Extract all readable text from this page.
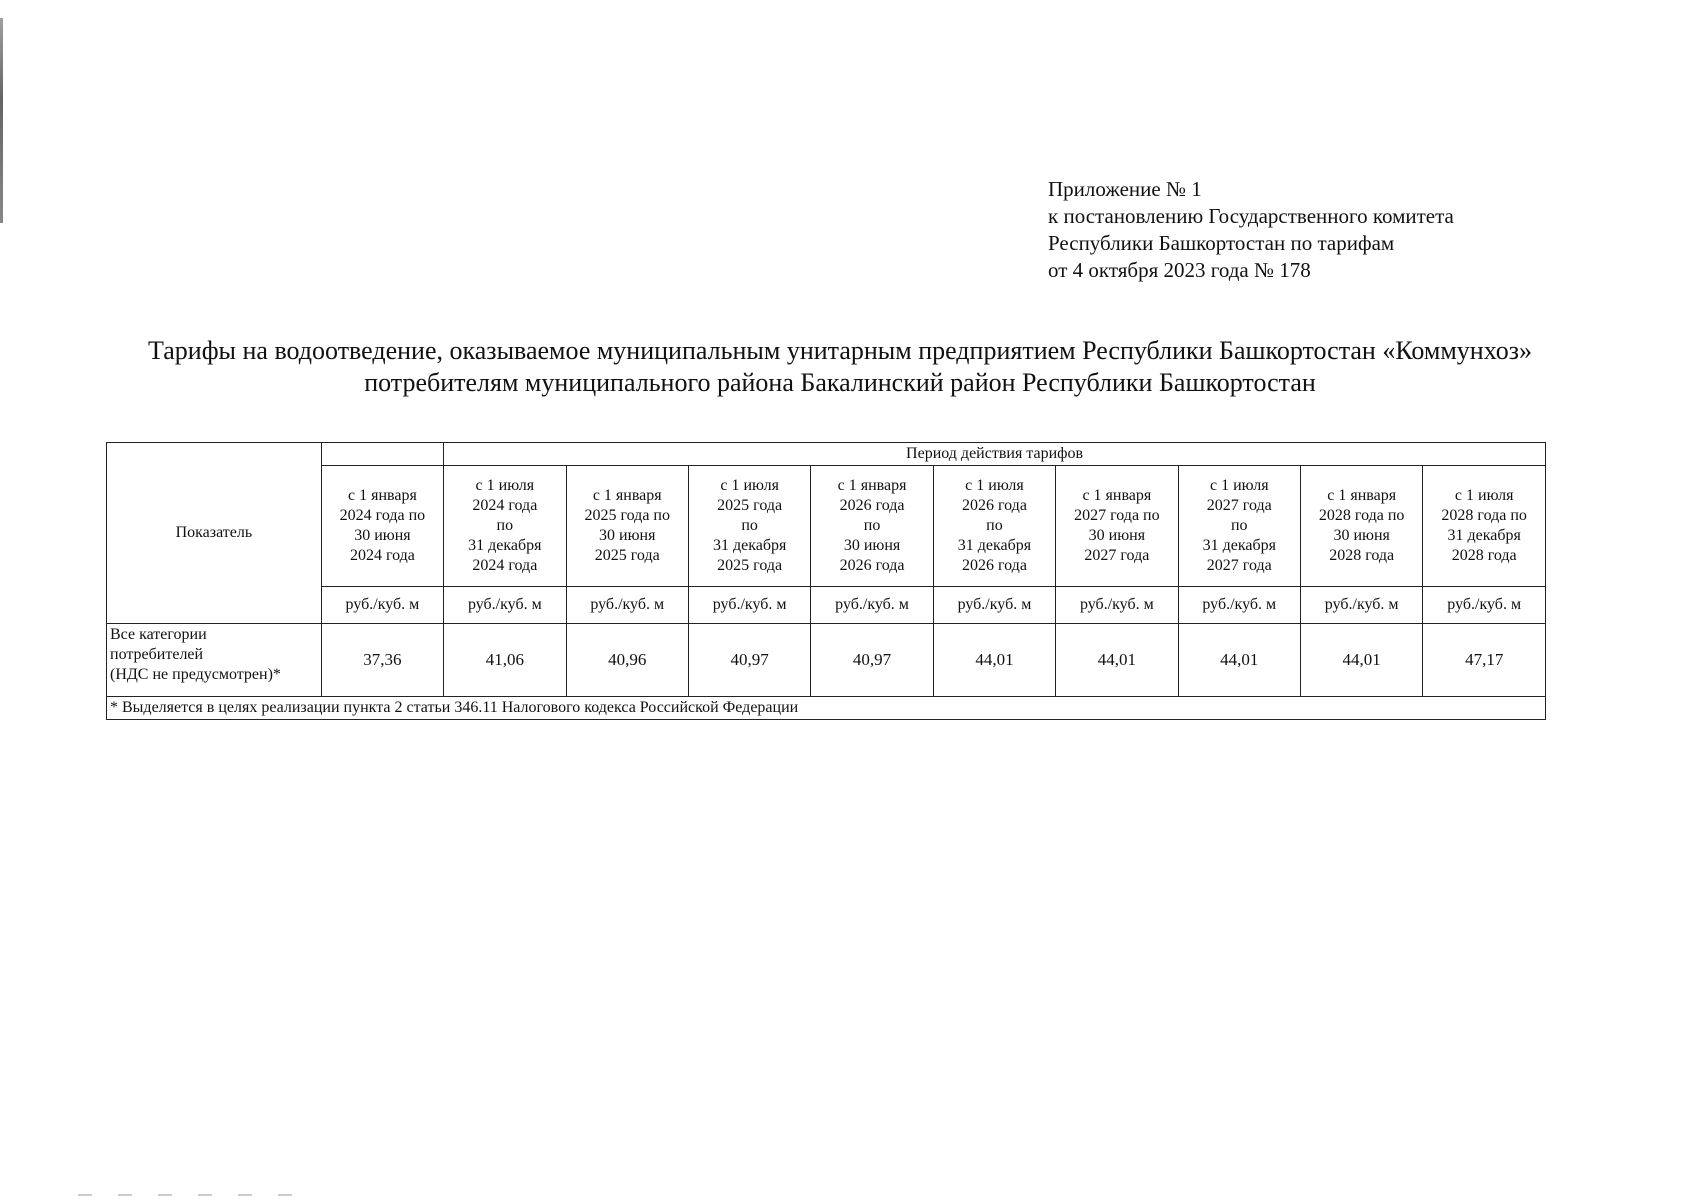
Приложение № 1
к постановлению Государственного комитета
Республики Башкортостан по тарифам
от 4 октября 2023 года № 178
Тарифы на водоотведение, оказываемое муниципальным унитарным предприятием Республики Башкортостан «Коммунхоз»
потребителям муниципального района Бакалинский район Республики Башкортостан
Показатель		Период действия тарифов								

	с 1 января
2024 года по
30 июня
2024 года	с 1 июля
2024 года
по
31 декабря
2024 года	с 1 января
2025 года по
30 июня
2025 года	с 1 июля
2025 года
по
31 декабря
2025 года	с 1 января
2026 года
по
30 июня
2026 года	с 1 июля
2026 года
по
31 декабря
2026 года	с 1 января
2027 года по
30 июня
2027 года	с 1 июля
2027 года
по
31 декабря
2027 года	с 1 января
2028 года по
30 июня
2028 года	с 1 июля
2028 года по
31 декабря
2028 года

	руб./куб. м	руб./куб. м	руб./куб. м	руб./куб. м	руб./куб. м	руб./куб. м	руб./куб. м	руб./куб. м	руб./куб. м	руб./куб. м

Все категории
потребителей
(НДС не предусмотрен)*	37,36	41,06	40,96	40,97	40,97	44,01	44,01	44,01	44,01	47,17
* Выделяется в целях реализации пункта 2 статьи 346.11 Налогового кодекса Российской Федерации										
